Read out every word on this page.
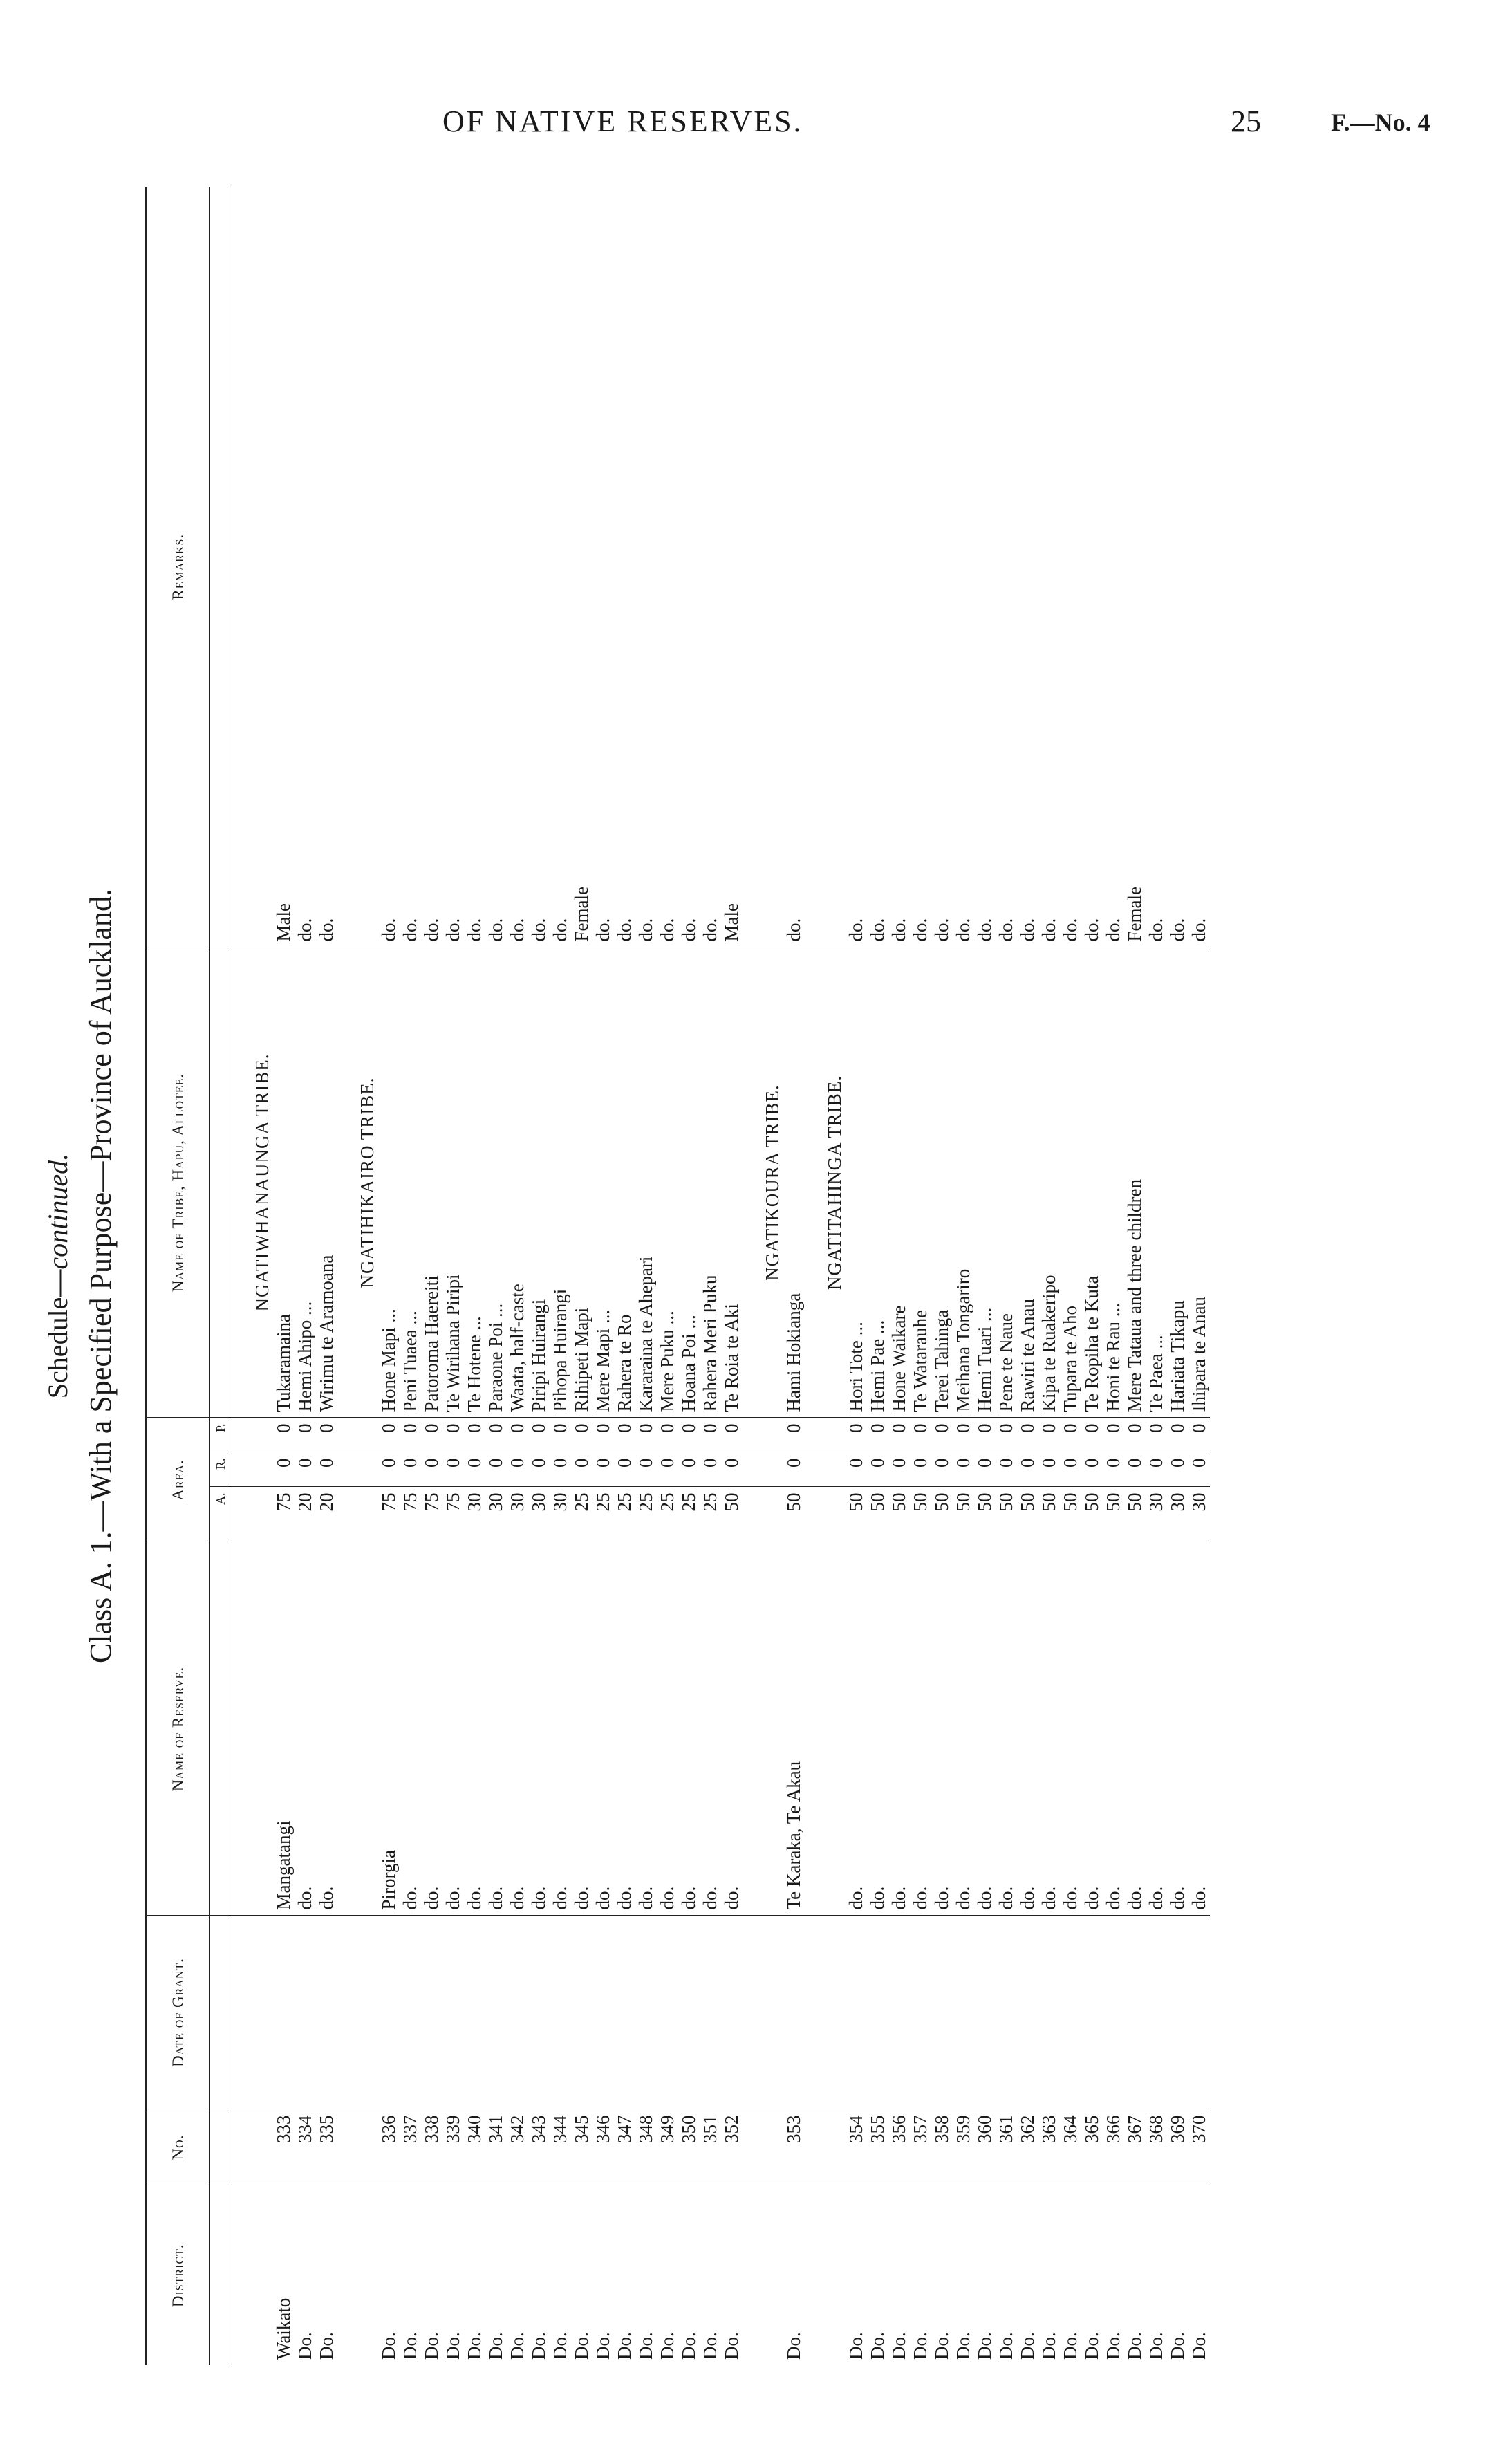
OF NATIVE RESERVES.	25	F.—No. 4
Schedule—continued. Class A. 1.—With a Specified Purpose—Province of Auckland.
District.	No.	Date of Grant.	Name of Reserve.	Area.			Name of Tribe, Hapu, Allotee.	Remarks.
				A.	R.	P.		
							NGATIWHANAUNGA TRIBE.	
Waikato	333		Mangatangi	75	0	0	Tukaramaina	Male
Do.	334		do.	20	0	0	Hemi Ahipo ...	do.
Do.	335		do.	20	0	0	Wirimu te Aramoana	do.
							NGATIHIKAIRO TRIBE.	
Do.	336		Pirorgia	75	0	0	Hone Mapi ...	do.
Do.	337		do.	75	0	0	Peni Tuaea ...	do.
Do.	338		do.	75	0	0	Patoroma Haereiti	do.
Do.	339		do.	75	0	0	Te Wirihana Piripi	do.
Do.	340		do.	30	0	0	Te Hotene ...	do.
Do.	341		do.	30	0	0	Paraone Poi ...	do.
Do.	342		do.	30	0	0	Waata, half-caste	do.
Do.	343		do.	30	0	0	Piripi Huirangi	do.
Do.	344		do.	30	0	0	Pihopa Huirangi	do.
Do.	345		do.	25	0	0	Rihipeti Mapi	Female
Do.	346		do.	25	0	0	Mere Mapi ...	do.
Do.	347		do.	25	0	0	Rahera te Ro	do.
Do.	348		do.	25	0	0	Kararaina te Ahepari	do.
Do.	349		do.	25	0	0	Mere Puku ...	do.
Do.	350		do.	25	0	0	Hoana Poi ...	do.
Do.	351		do.	25	0	0	Rahera Meri Puku	do.
Do.	352		do.	50	0	0	Te Roia te Aki	Male
							NGATIKOURA TRIBE.	
Do.	353		Te Karaka, Te Akau	50	0	0	Hami Hokianga	do.
							NGATITAHINGA TRIBE.	
Do.	354		do.	50	0	0	Hori Tote ...	do.
Do.	355		do.	50	0	0	Hemi Pae ...	do.
Do.	356		do.	50	0	0	Hone Waikare	do.
Do.	357		do.	50	0	0	Te Watarauhe	do.
Do.	358		do.	50	0	0	Terei Tahinga	do.
Do.	359		do.	50	0	0	Meihana Tongariro	do.
Do.	360		do.	50	0	0	Hemi Tuari ...	do.
Do.	361		do.	50	0	0	Pene te Naue	do.
Do.	362		do.	50	0	0	Rawiri te Anau	do.
Do.	363		do.	50	0	0	Kipa te Ruakeripo	do.
Do.	364		do.	50	0	0	Tupara te Aho	do.
Do.	365		do.	50	0	0	Te Ropiha te Kuta	do.
Do.	366		do.	50	0	0	Honi te Rau ...	do.
Do.	367		do.	50	0	0	Mere Tataua and three children	Female
Do.	368		do.	30	0	0	Te Paea ...	do.
Do.	369		do.	30	0	0	Hariata Tikapu	do.
Do.	370		do.	30	0	0	Ihipara te Anau	do.
